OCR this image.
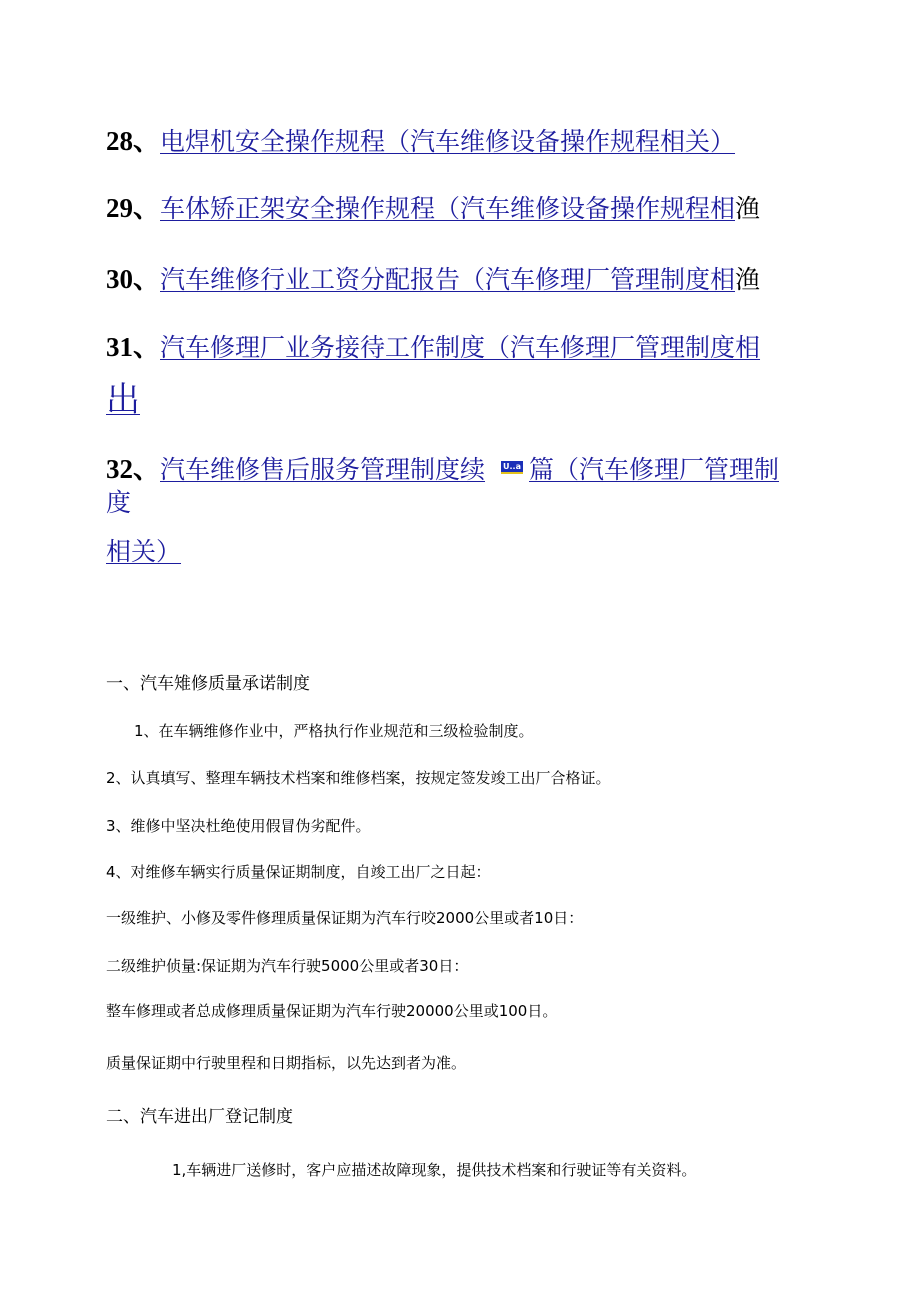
28、电焊机安全操作规程（汽车维修设备操作规程相关）
29、车体矫正架安全操作规程（汽车维修设备操作规程相渔
30、汽车维修行业工资分配报告（汽车修理厂管理制度相渔
31、汽车修理厂业务接待工作制度（汽车修理厂管理制度相
出
32、汽车维修售后服务管理制度续 U..a 篇（汽车修理厂管理制
度
相关）
一、汽车雉修质量承诺制度
1、在车辆维修作业中，严格执行作业规范和三级检验制度。
2、认真填写、整理车辆技术档案和维修档案，按规定签发竣工出厂合格证。
3、维修中坚决杜绝使用假冒伪劣配件。
4、对维修车辆实行质量保证期制度，自竣工出厂之日起：
一级维护、小修及零件修理质量保证期为汽车行咬2000公里或者10日：
二级维护侦量:保证期为汽车行驶5000公里或者30日：
整车修理或者总成修理质量保证期为汽车行驶20000公里或100日。
质量保证期中行驶里程和日期指标，以先达到者为准。
二、汽车进出厂登记制度
1,车辆进厂送修时，客户应描述故障现象，提供技术档案和行驶证等有关资料。
